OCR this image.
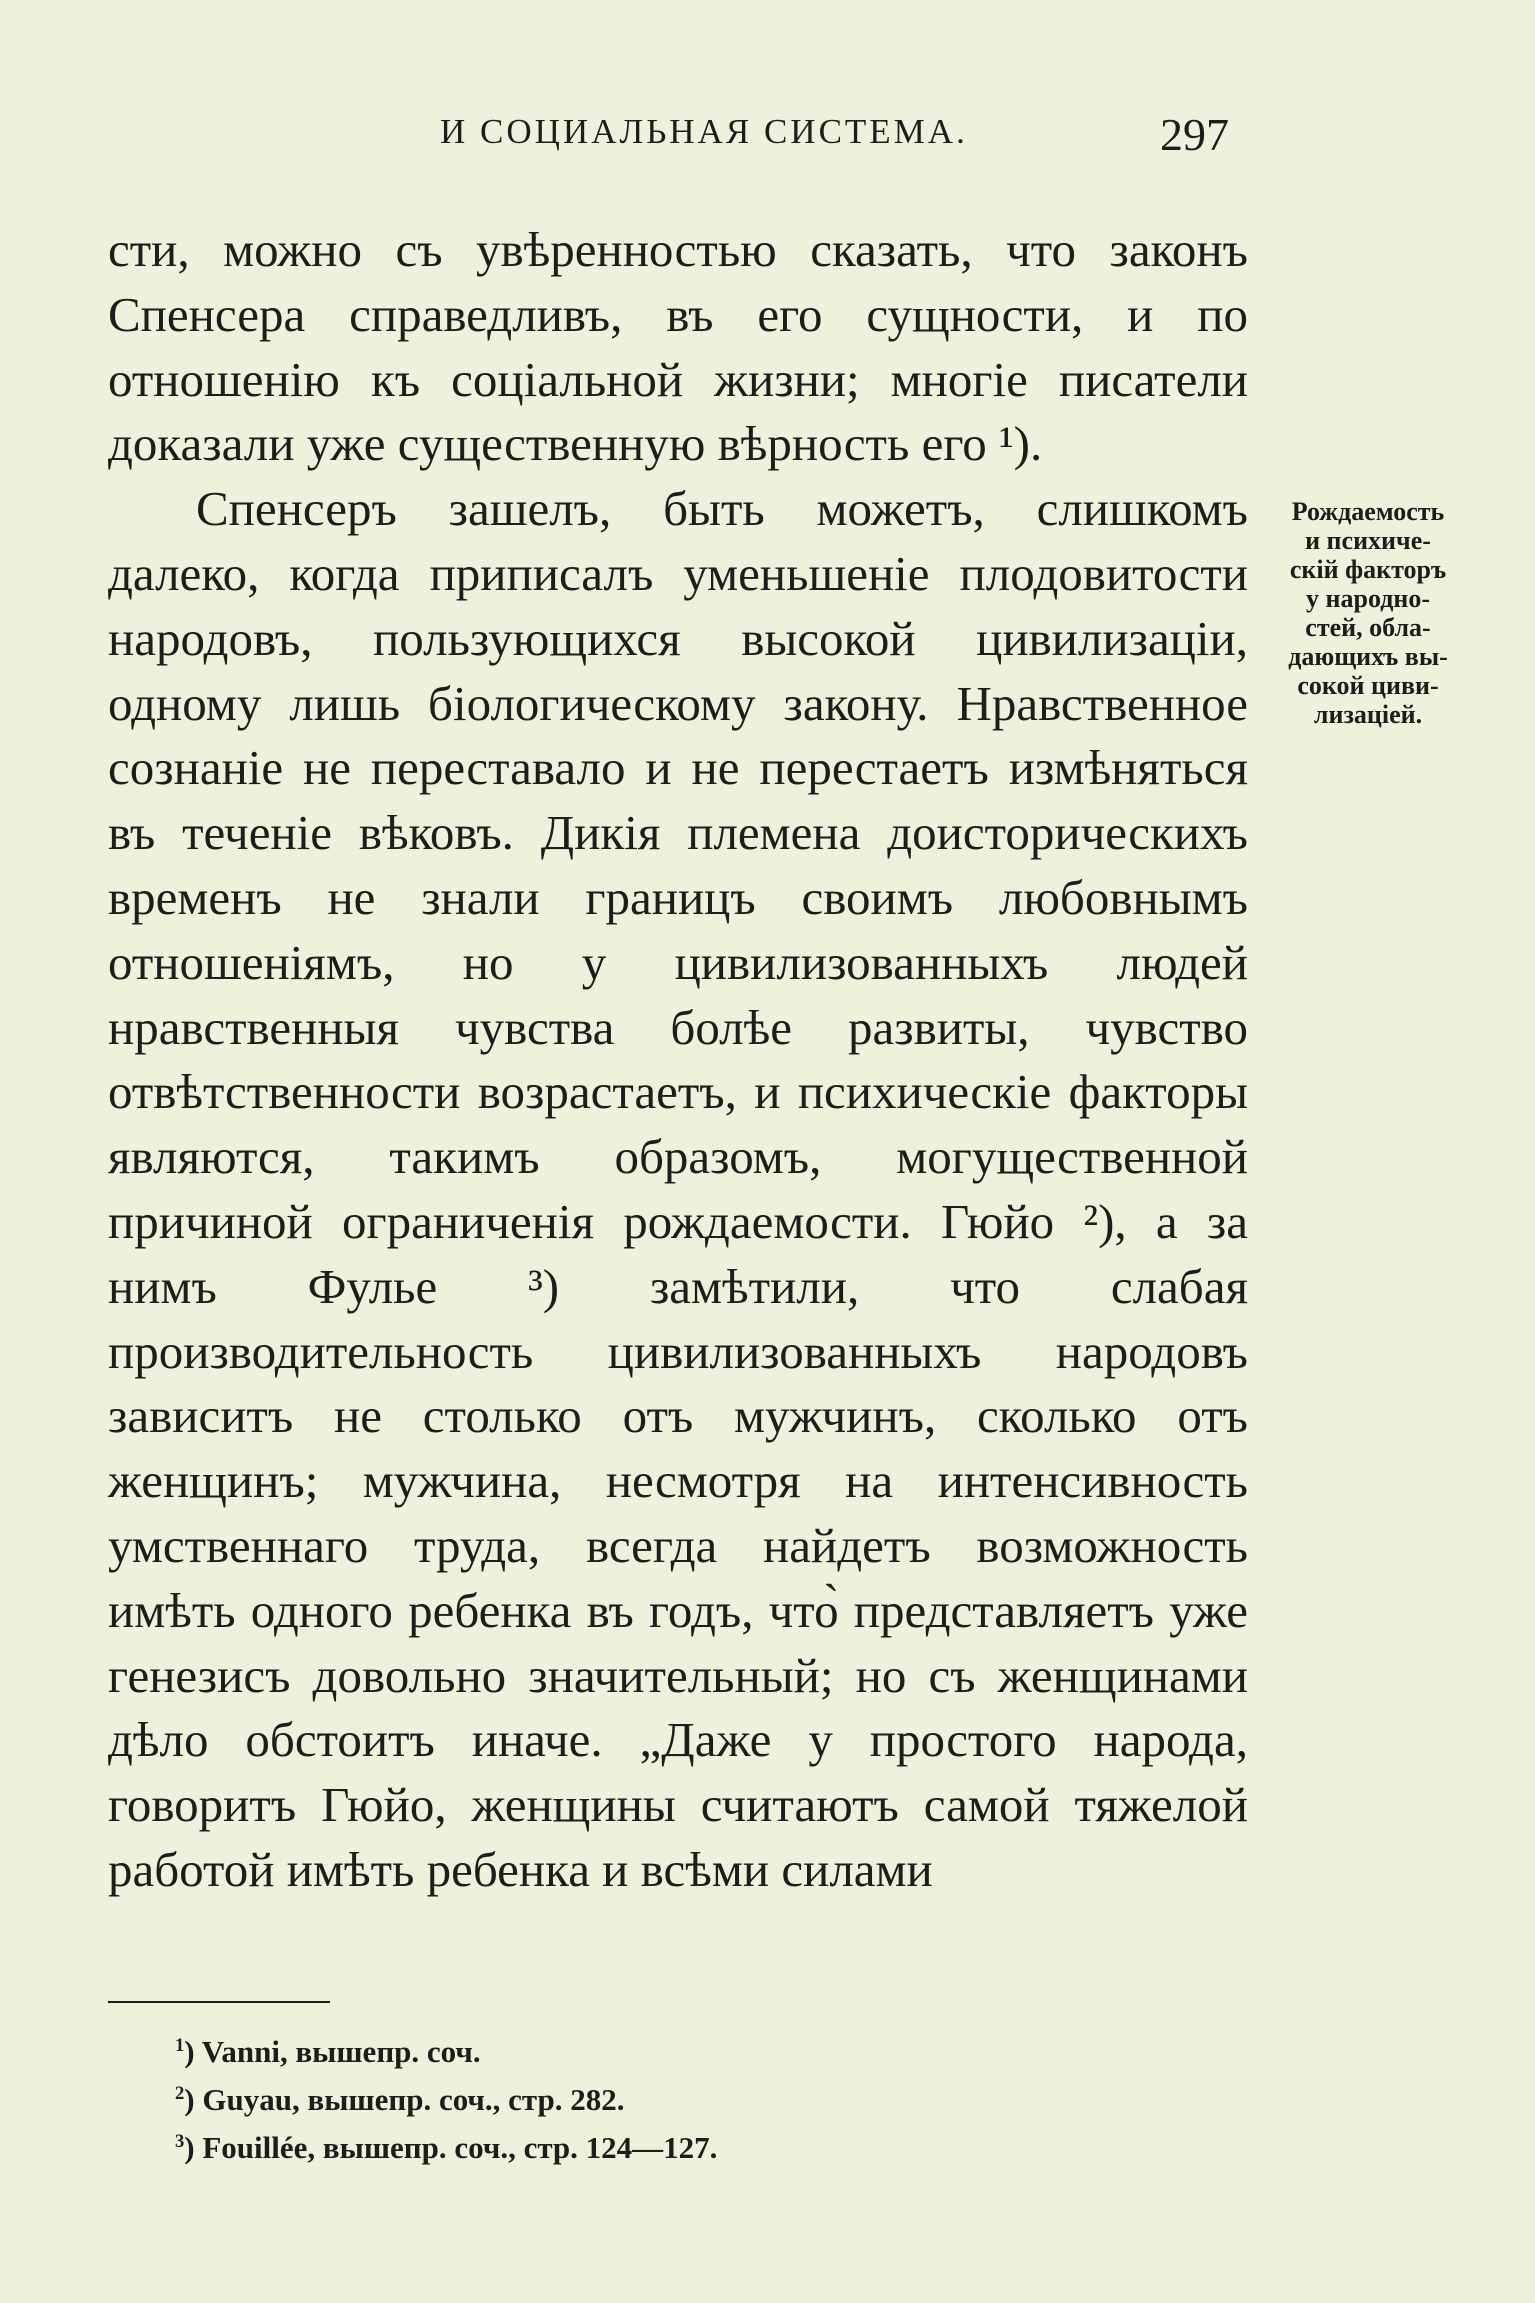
И СОЦИАЛЬНАЯ СИСТЕМА.	297

сти, можно съ увѣренностью сказать, что законъ Спенсера справедливъ, въ его сущности, и по отношенію къ соціальной жизни; многіе писатели доказали уже существенную вѣрность его ¹).

Спенсеръ зашелъ, быть можетъ, слишкомъ далеко, когда приписалъ уменьшеніе плодовитости народовъ, пользующихся высокой цивилизаціи, одному лишь біологическому закону. Нравственное сознаніе не переставало и не перестаетъ измѣняться въ теченіе вѣковъ. Дикія племена доисторическихъ временъ не знали границъ своимъ любовнымъ отношеніямъ, но у цивилизованныхъ людей нравственныя чувства болѣе развиты, чувство отвѣтственности возрастаетъ, и психическіе факторы являются, такимъ образомъ, могущественной причиной ограниченія рождаемости. Гюйо ²), а за нимъ Фулье ³) замѣтили, что слабая производительность цивилизованныхъ народовъ зависитъ не столько отъ мужчинъ, сколько отъ женщинъ; мужчина, несмотря на интенсивность умственнаго труда, всегда найдетъ возможность имѣть одного ребенка въ годъ, что̀ представляетъ уже генезисъ довольно значительный; но съ женщинами дѣло обстоитъ иначе. „Даже у простого народа, говоритъ Гюйо, женщины считаютъ самой тяжелой работой имѣть ребенка и всѣми силами

Рождаемость
и психиче-
скій факторъ
у народно-
стей, обла-
дающихъ вы-
сокой циви-
лизаціей.
$^1$) Vanni, вышепр. соч.
$^2$) Guyau, вышепр. соч., стр. 282.
$^3$) Fouillée, вышепр. соч., стр. 124—127.
